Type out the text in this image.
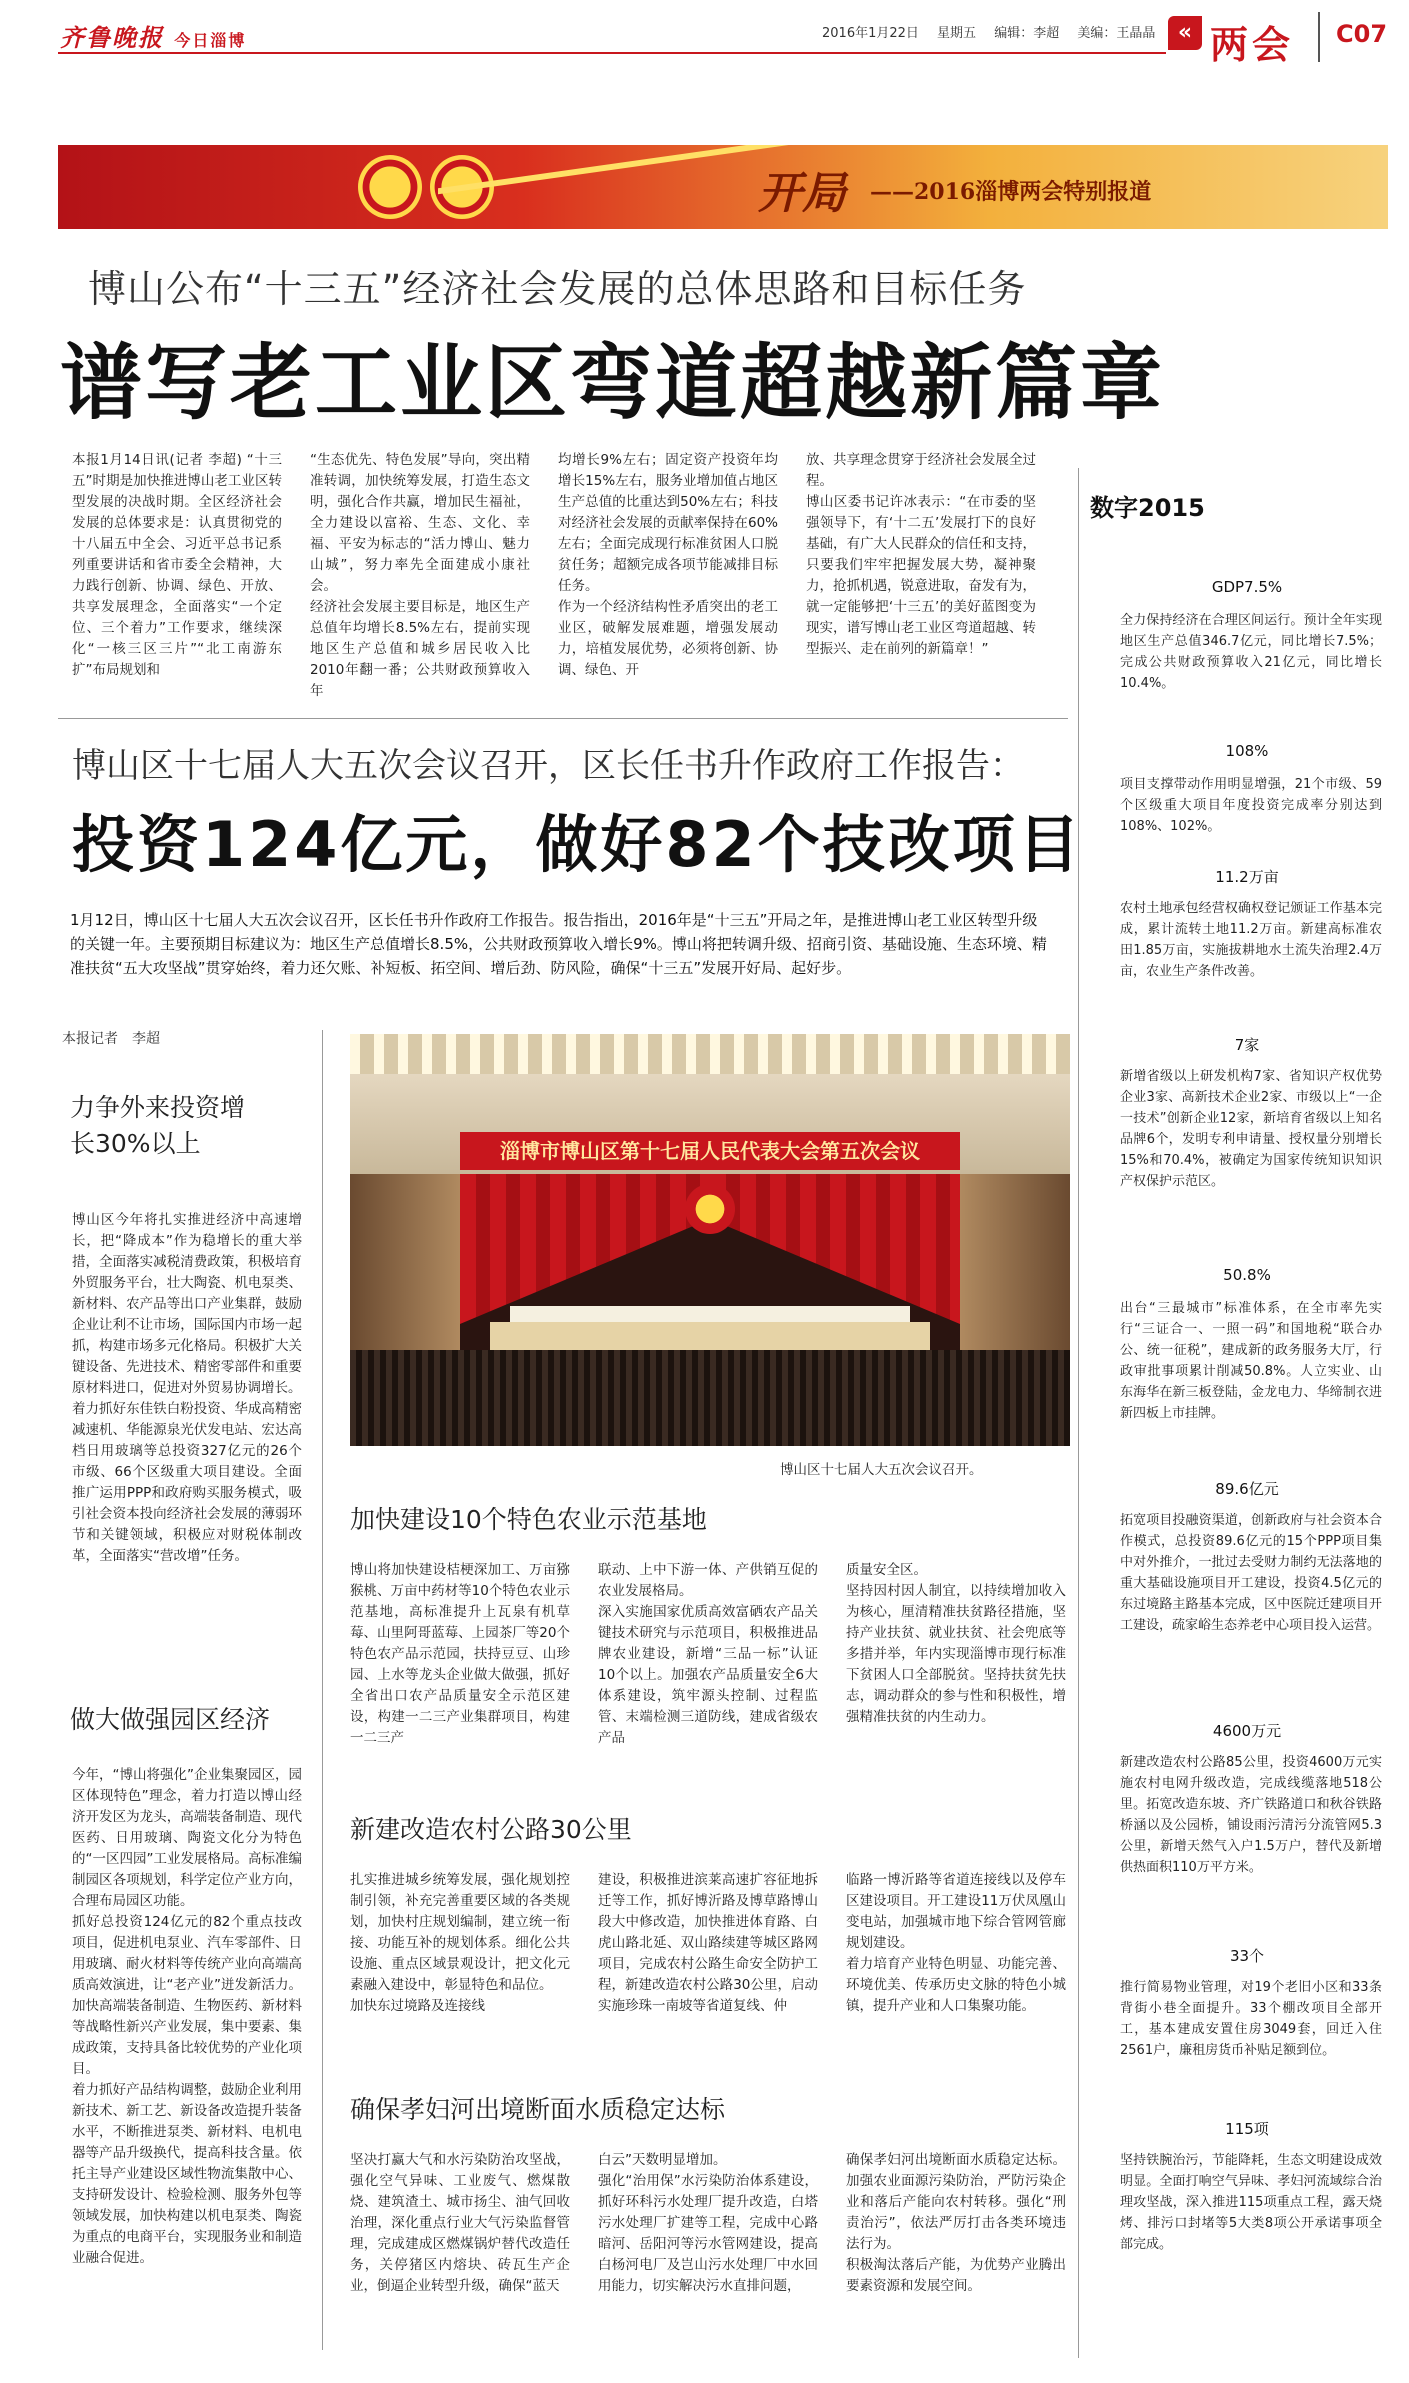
齐鲁晚报 今日淄博	2016年1月22日 星期五 编辑：李超 美编：王晶晶	« 两会 C07
开局 ——2016淄博两会特别报道
博山公布“十三五”经济社会发展的总体思路和目标任务
谱写老工业区弯道超越新篇章
本报1月14日讯(记者 李超) “十三五”时期是加快推进博山老工业区转型发展的决战时期。全区经济社会发展的总体要求是：认真贯彻党的十八届五中全会、习近平总书记系列重要讲话和省市委全会精神，大力践行创新、协调、绿色、开放、共享发展理念，全面落实“一个定位、三个着力”工作要求，继续深化“一核三区三片”“北工南游东扩”布局规划和
“生态优先、特色发展”导向，突出精准转调，加快统筹发展，打造生态文明，强化合作共赢，增加民生福祉，全力建设以富裕、生态、文化、幸福、平安为标志的“活力博山、魅力山城”，努力率先全面建成小康社会。
经济社会发展主要目标是，地区生产总值年均增长8.5%左右，提前实现地区生产总值和城乡居民收入比2010年翻一番；公共财政预算收入年
均增长9%左右；固定资产投资年均增长15%左右，服务业增加值占地区生产总值的比重达到50%左右；科技对经济社会发展的贡献率保持在60%左右；全面完成现行标准贫困人口脱贫任务；超额完成各项节能减排目标任务。
作为一个经济结构性矛盾突出的老工业区，破解发展难题，增强发展动力，培植发展优势，必须将创新、协调、绿色、开
放、共享理念贯穿于经济社会发展全过程。
博山区委书记许冰表示：“在市委的坚强领导下，有‘十二五’发展打下的良好基础，有广大人民群众的信任和支持，只要我们牢牢把握发展大势，凝神聚力，抢抓机遇，锐意进取，奋发有为，就一定能够把‘十三五’的美好蓝图变为现实，谱写博山老工业区弯道超越、转型振兴、走在前列的新篇章！”
博山区十七届人大五次会议召开，区长任书升作政府工作报告：
投资124亿元，做好82个技改项目
1月12日，博山区十七届人大五次会议召开，区长任书升作政府工作报告。报告指出，2016年是“十三五”开局之年，是推进博山老工业区转型升级的关键一年。主要预期目标建议为：地区生产总值增长8.5%，公共财政预算收入增长9%。博山将把转调升级、招商引资、基础设施、生态环境、精准扶贫“五大攻坚战”贯穿始终，着力还欠账、补短板、拓空间、增后劲、防风险，确保“十三五”发展开好局、起好步。
本报记者　李超
力争外来投资增长30%以上
博山区今年将扎实推进经济中高速增长，把“降成本”作为稳增长的重大举措，全面落实减税清费政策，积极培育外贸服务平台，壮大陶瓷、机电泵类、新材料、农产品等出口产业集群，鼓励企业让利不让市场，国际国内市场一起抓，构建市场多元化格局。积极扩大关键设备、先进技术、精密零部件和重要原材料进口，促进对外贸易协调增长。
着力抓好东佳铁白粉投资、华成高精密减速机、华能源泉光伏发电站、宏达高档日用玻璃等总投资327亿元的26个市级、66个区级重大项目建设。全面推广运用PPP和政府购买服务模式，吸引社会资本投向经济社会发展的薄弱环节和关键领域，积极应对财税体制改革，全面落实“营改增”任务。
做大做强园区经济
今年，“博山将强化”企业集聚园区，园区体现特色”理念，着力打造以博山经济开发区为龙头，高端装备制造、现代医药、日用玻璃、陶瓷文化分为特色的“一区四园”工业发展格局。高标准编制园区各项规划，科学定位产业方向，合理布局园区功能。
抓好总投资124亿元的82个重点技改项目，促进机电泵业、汽车零部件、日用玻璃、耐火材料等传统产业向高端高质高效演进，让“老产业”迸发新活力。加快高端装备制造、生物医药、新材料等战略性新兴产业发展，集中要素、集成政策，支持具备比较优势的产业化项目。
着力抓好产品结构调整，鼓励企业利用新技术、新工艺、新设备改造提升装备水平，不断推进泵类、新材料、电机电器等产品升级换代，提高科技含量。依托主导产业建设区域性物流集散中心、支持研发设计、检验检测、服务外包等领域发展，加快构建以机电泵类、陶瓷为重点的电商平台，实现服务业和制造业融合促进。
淄博市博山区第十七届人民代表大会第五次会议
博山区十七届人大五次会议召开。
加快建设10个特色农业示范基地
博山将加快建设桔梗深加工、万亩猕猴桃、万亩中药材等10个特色农业示范基地，高标准提升上瓦泉有机草莓、山里阿哥蓝莓、上园茶厂等20个特色农产品示范园，扶持豆豆、山珍园、上水等龙头企业做大做强，抓好全省出口农产品质量安全示范区建设，构建一二三产业集群项目，构建一二三产
联动、上中下游一体、产供销互促的农业发展格局。
深入实施国家优质高效富硒农产品关键技术研究与示范项目，积极推进品牌农业建设，新增“三品一标”认证10个以上。加强农产品质量安全6大体系建设，筑牢源头控制、过程监管、末端检测三道防线，建成省级农产品
质量安全区。
坚持因村因人制宜，以持续增加收入为核心，厘清精准扶贫路径措施，坚持产业扶贫、就业扶贫、社会兜底等多措并举，年内实现淄博市现行标准下贫困人口全部脱贫。坚持扶贫先扶志，调动群众的参与性和积极性，增强精准扶贫的内生动力。
新建改造农村公路30公里
扎实推进城乡统筹发展，强化规划控制引领，补充完善重要区域的各类规划，加快村庄规划编制，建立统一衔接、功能互补的规划体系。细化公共设施、重点区域景观设计，把文化元素融入建设中，彰显特色和品位。
加快东过境路及连接线
建设，积极推进滨莱高速扩容征地拆迁等工作，抓好博沂路及博草路博山段大中修改造，加快推进体育路、白虎山路北延、双山路续建等城区路网项目，完成农村公路生命安全防护工程，新建改造农村公路30公里，启动实施珍珠一南坡等省道复线、仲
临路一博沂路等省道连接线以及停车区建设项目。开工建设11万伏凤凰山变电站，加强城市地下综合管网管廊规划建设。
着力培育产业特色明显、功能完善、环境优美、传承历史文脉的特色小城镇，提升产业和人口集聚功能。
确保孝妇河出境断面水质稳定达标
坚决打赢大气和水污染防治攻坚战，强化空气异味、工业废气、燃煤散烧、建筑渣土、城市扬尘、油气回收治理，深化重点行业大气污染监督管理，完成建成区燃煤锅炉替代改造任务，关停猪区内熔块、砖瓦生产企业，倒逼企业转型升级，确保“蓝天
白云”天数明显增加。
强化“治用保”水污染防治体系建设，抓好环科污水处理厂提升改造，白塔污水处理厂扩建等工程，完成中心路暗河、岳阳河等污水管网建设，提高白杨河电厂及岂山污水处理厂中水回用能力，切实解决污水直排问题，
确保孝妇河出境断面水质稳定达标。加强农业面源污染防治，严防污染企业和落后产能向农村转移。强化“刑责治污”，依法严厉打击各类环境违法行为。
积极淘汰落后产能，为优势产业腾出要素资源和发展空间。
数字2015
GDP7.5%
全力保持经济在合理区间运行。预计全年实现地区生产总值346.7亿元，同比增长7.5%；完成公共财政预算收入21亿元，同比增长10.4%。
108%
项目支撑带动作用明显增强，21个市级、59个区级重大项目年度投资完成率分别达到108%、102%。
11.2万亩
农村土地承包经营权确权登记颁证工作基本完成，累计流转土地11.2万亩。新建高标准农田1.85万亩，实施拔耕地水土流失治理2.4万亩，农业生产条件改善。
7家
新增省级以上研发机构7家、省知识产权优势企业3家、高新技术企业2家、市级以上“一企一技术”创新企业12家，新培育省级以上知名品牌6个，发明专利申请量、授权量分别增长15%和70.4%，被确定为国家传统知识知识产权保护示范区。
50.8%
出台“三最城市”标准体系，在全市率先实行“三证合一、一照一码”和国地税“联合办公、统一征税”，建成新的政务服务大厅，行政审批事项累计削减50.8%。人立实业、山东海华在新三板登陆，金龙电力、华缔制衣进新四板上市挂牌。
89.6亿元
拓宽项目投融资渠道，创新政府与社会资本合作模式，总投资89.6亿元的15个PPP项目集中对外推介，一批过去受财力制约无法落地的重大基础设施项目开工建设，投资4.5亿元的东过境路主路基本完成，区中医院迁建项目开工建设，疏家峪生态养老中心项目投入运营。
4600万元
新建改造农村公路85公里，投资4600万元实施农村电网升级改造，完成线缆落地518公里。拓宽改造东坡、齐广铁路道口和秋谷铁路桥涵以及公园桥，铺设雨污清污分流管网5.3公里，新增天然气入户1.5万户，替代及新增供热面积110万平方米。
33个
推行简易物业管理，对19个老旧小区和33条背街小巷全面提升。33个棚改项目全部开工，基本建成安置住房3049套，回迁入住2561户，廉租房货币补贴足额到位。
115项
坚持铁腕治污，节能降耗，生态文明建设成效明显。全面打响空气异味、孝妇河流域综合治理攻坚战，深入推进115项重点工程，露天烧烤、排污口封堵等5大类8项公开承诺事项全部完成。
